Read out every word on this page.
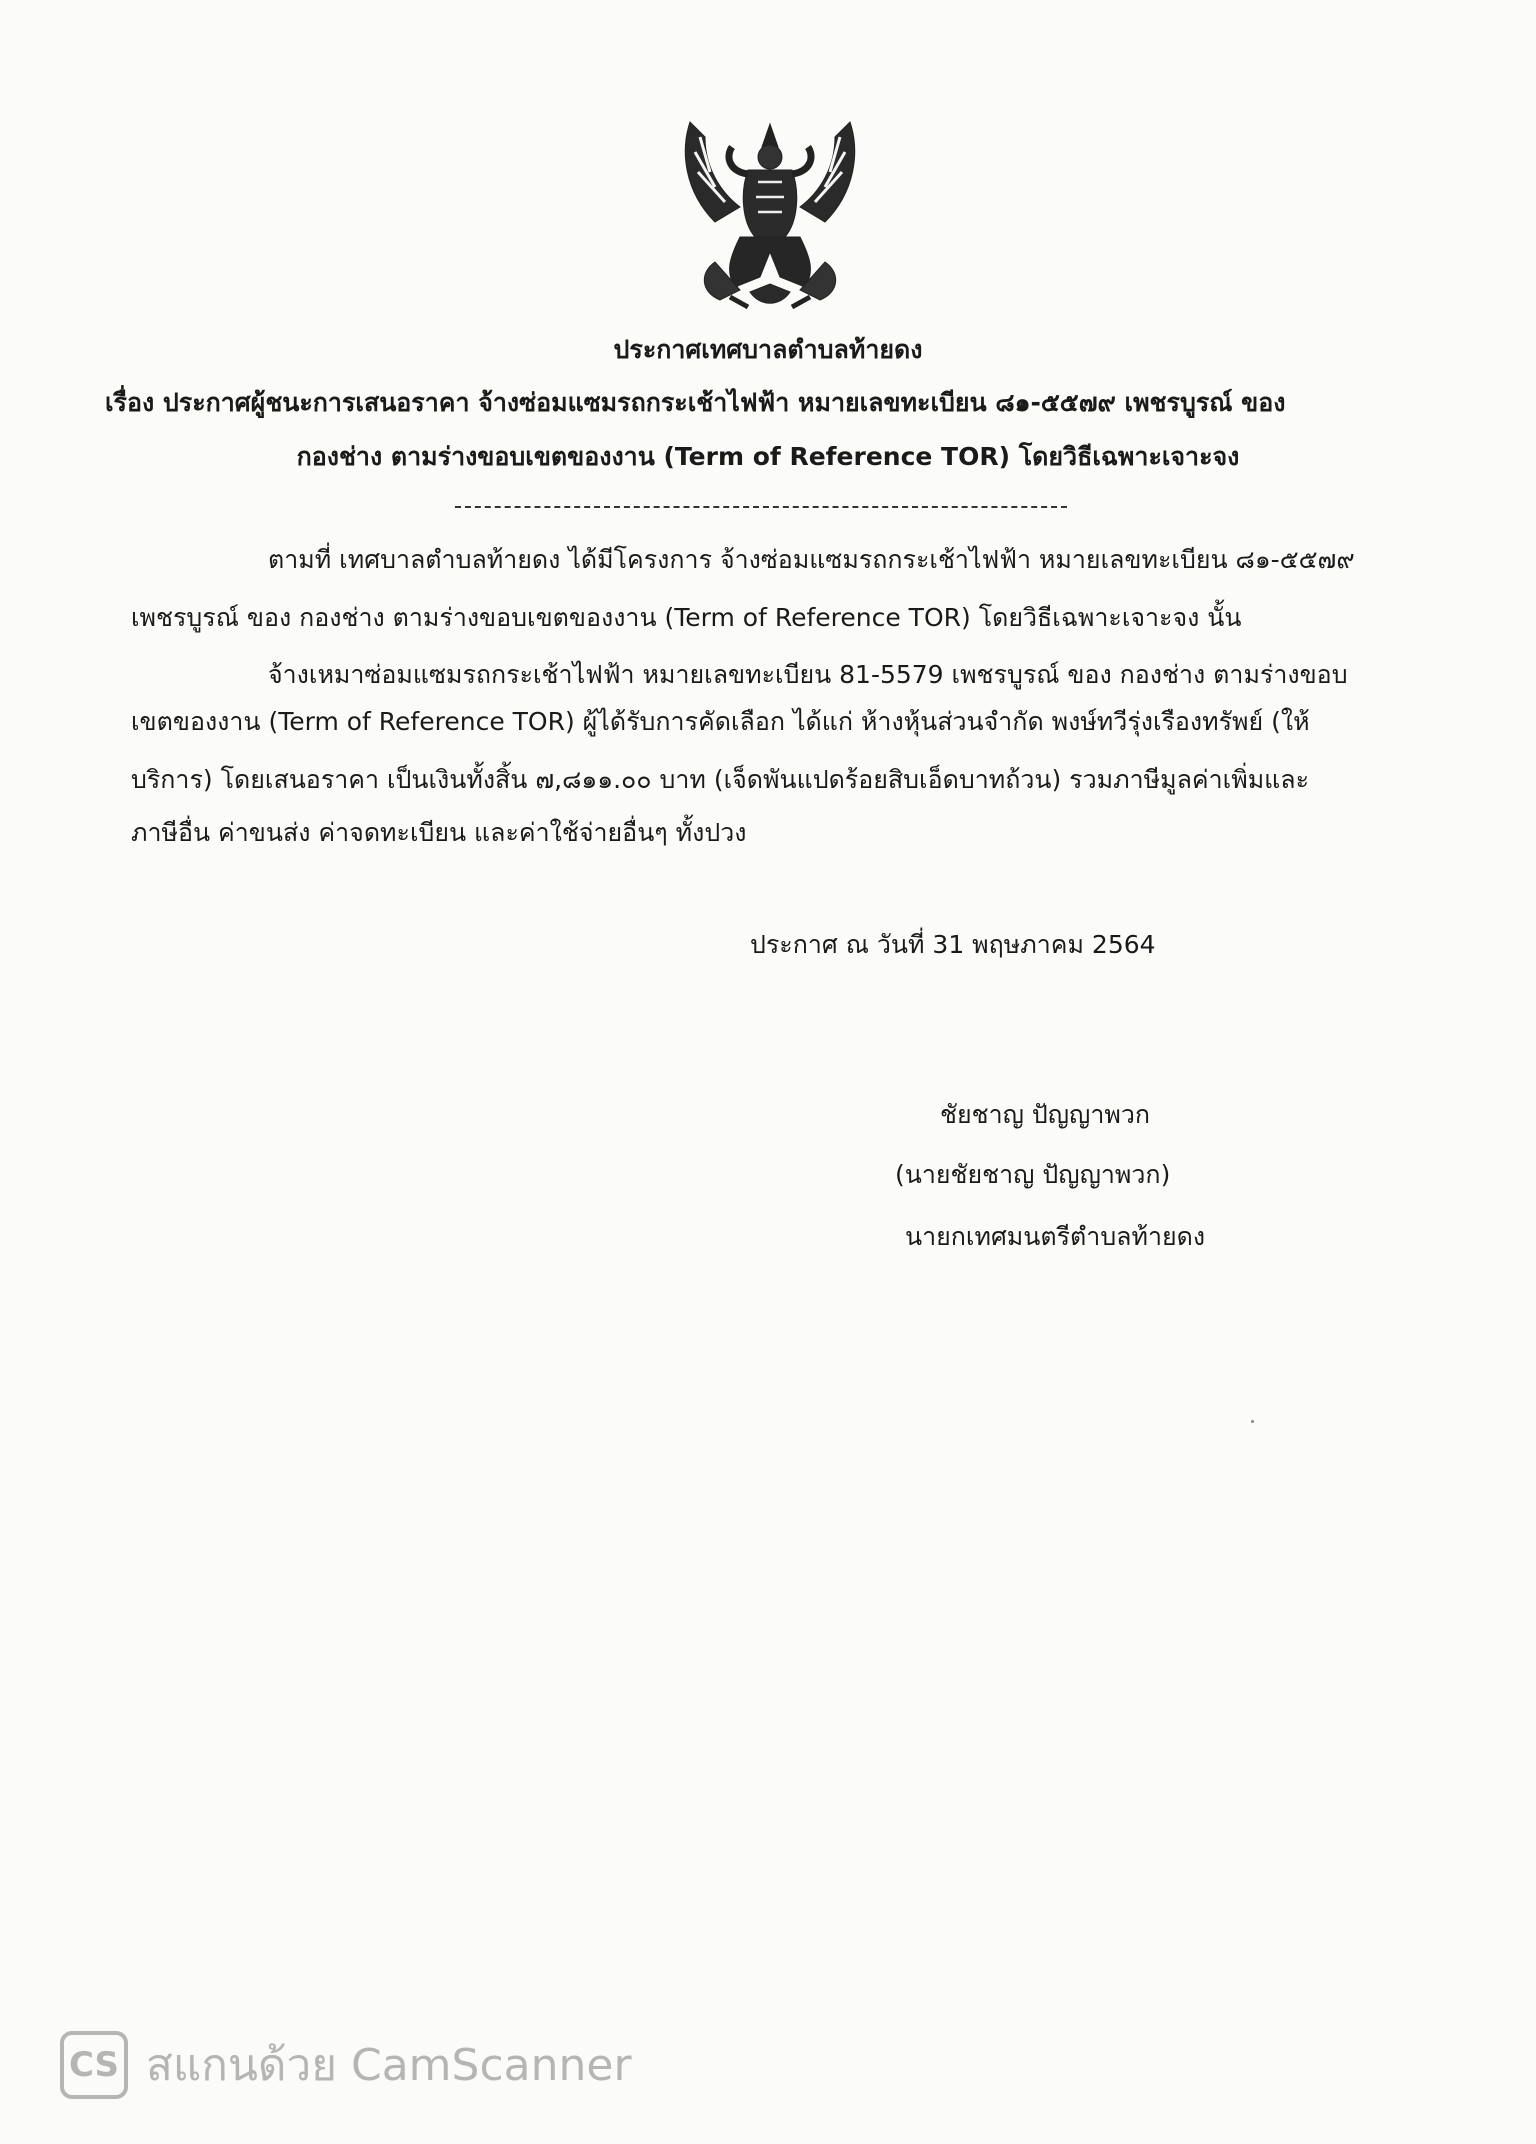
ประกาศเทศบาลตำบลท้ายดง
เรื่อง ประกาศผู้ชนะการเสนอราคา จ้างซ่อมแซมรถกระเช้าไฟฟ้า หมายเลขทะเบียน ๘๑-๕๕๗๙ เพชรบูรณ์ ของ
กองช่าง ตามร่างขอบเขตของงาน (Term of Reference TOR) โดยวิธีเฉพาะเจาะจง
ตามที่ เทศบาลตำบลท้ายดง ได้มีโครงการ จ้างซ่อมแซมรถกระเช้าไฟฟ้า หมายเลขทะเบียน ๘๑-๕๕๗๙
เพชรบูรณ์ ของ กองช่าง ตามร่างขอบเขตของงาน (Term of Reference TOR) โดยวิธีเฉพาะเจาะจง นั้น
จ้างเหมาซ่อมแซมรถกระเช้าไฟฟ้า หมายเลขทะเบียน 81-5579 เพชรบูรณ์ ของ กองช่าง ตามร่างขอบ
เขตของงาน (Term of Reference TOR) ผู้ได้รับการคัดเลือก ได้แก่ ห้างหุ้นส่วนจำกัด พงษ์ทวีรุ่งเรืองทรัพย์ (ให้
บริการ) โดยเสนอราคา เป็นเงินทั้งสิ้น ๗,๘๑๑.๐๐ บาท (เจ็ดพันแปดร้อยสิบเอ็ดบาทถ้วน) รวมภาษีมูลค่าเพิ่มและ
ภาษีอื่น ค่าขนส่ง ค่าจดทะเบียน และค่าใช้จ่ายอื่นๆ ทั้งปวง
ประกาศ ณ วันที่ 31 พฤษภาคม 2564
ชัยชาญ ปัญญาพวก
(นายชัยชาญ ปัญญาพวก)
นายกเทศมนตรีตำบลท้ายดง
CS สแกนด้วย CamScanner
